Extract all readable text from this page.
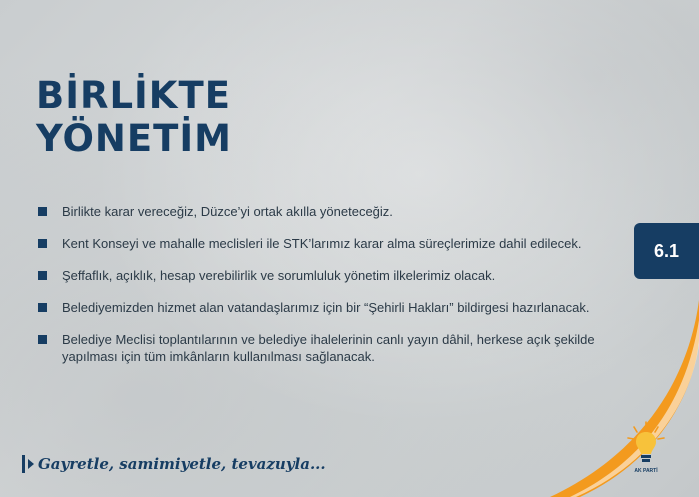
BİRLİKTE
YÖNETİM
Birlikte karar vereceğiz, Düzce’yi ortak akılla yöneteceğiz.
Kent Konseyi ve mahalle meclisleri ile STK’larımız karar alma süreçlerimize dahil edilecek.
Şeffaflık, açıklık, hesap verebilirlik ve sorumluluk yönetim ilkelerimiz olacak.
Belediyemizden hizmet alan vatandaşlarımız için bir “Şehirli Hakları” bildirgesi hazırlanacak.
Belediye Meclisi toplantılarının ve belediye ihalelerinin canlı yayın dâhil, herkese açık şekilde yapılması için tüm imkânların kullanılması sağlanacak.
6.1
AK PARTİ
Gayretle, samimiyetle, tevazuyla...
